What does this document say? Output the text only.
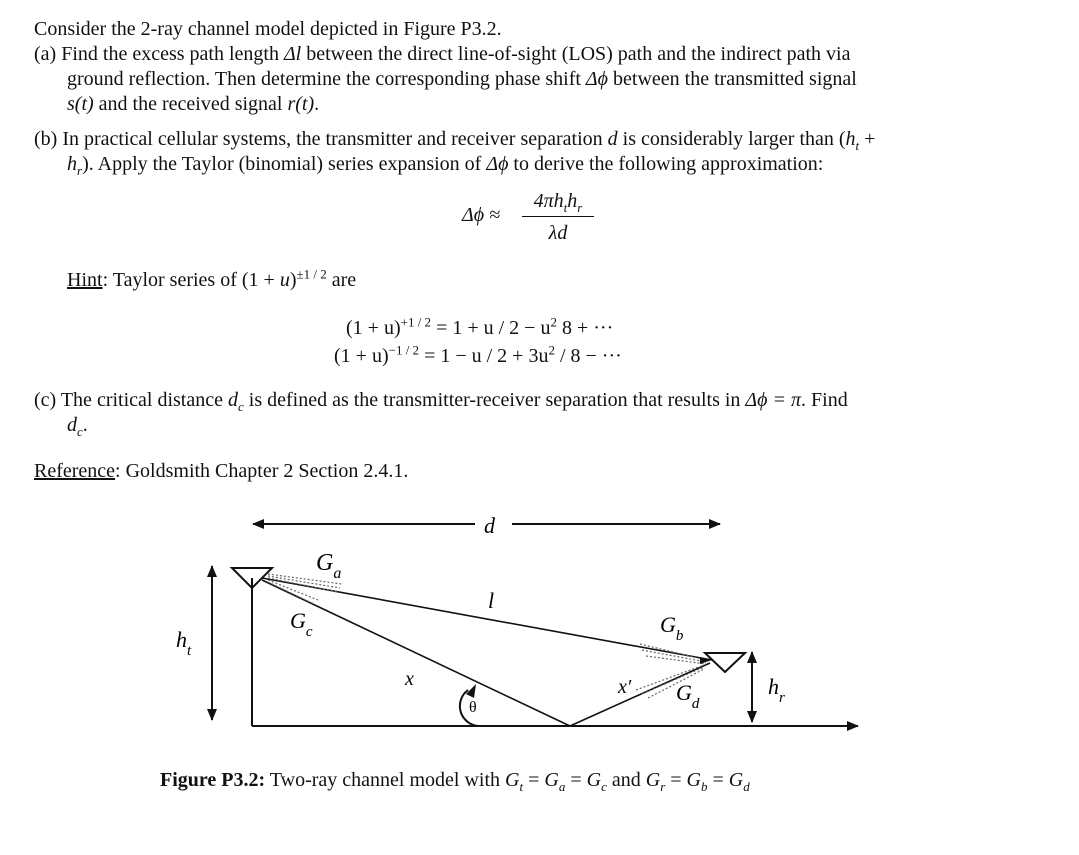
Consider the 2-ray channel model depicted in Figure P3.2.
(a) Find the excess path length Δl between the direct line-of-sight (LOS) path and the indirect path via
ground reflection. Then determine the corresponding phase shift Δϕ between the transmitted signal
s(t) and the received signal r(t).
(b) In practical cellular systems, the transmitter and receiver separation d is considerably larger than ($h_t$ +
$h_r$). Apply the Taylor (binomial) series expansion of Δϕ to derive the following approximation:
Δϕ ≈
$4\pi h_th_r$
λd
Hint: Taylor series of $(1 + u)^{\pm 1 / 2}$ are
$(1 + u)^{+1 / 2} = 1 + u / 2 - u^2$ 8 + ···
$(1 + u)^{-1 / 2} = 1 - u / 2 + 3u^2 / 8$ − ···
(c) The critical distance $d_c$ is defined as the transmitter-receiver separation that results in Δϕ = π. Find
$d_c$.
Reference: Goldsmith Chapter 2 Section 2.4.1.
d
$h_t$
$h_r$
l
x	x′
θ
$G_a$
$G_c$	$G_b$
$G_d$
Figure P3.2: Two-ray channel model with $G_t = G_a = G_c$ and $G_r = G_b = G_d$
